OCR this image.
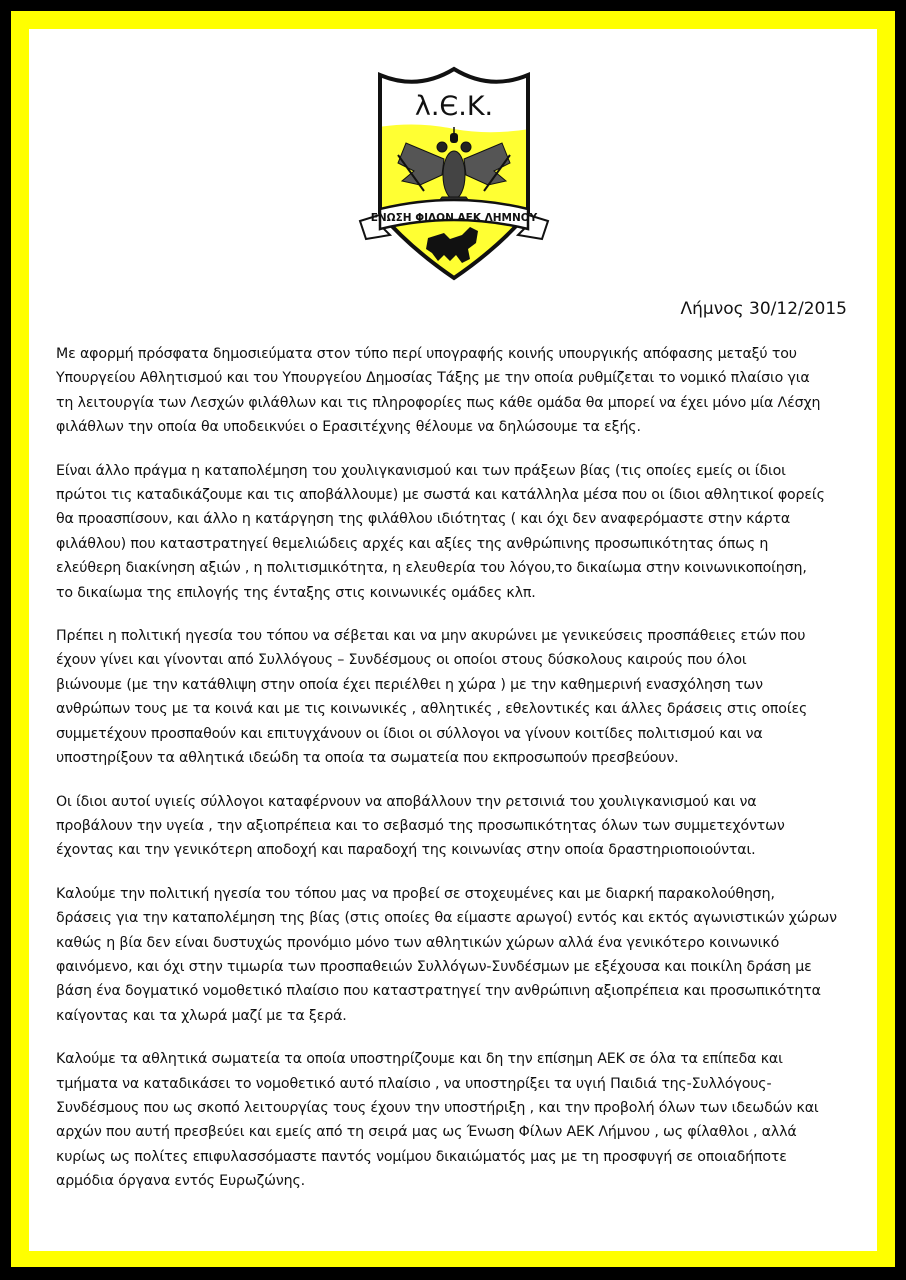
λ.Є.Κ.
ΕΝΩΣΗ ΦΙΛΩΝ ΑΕΚ ΛΗΜΝΟΥ
Λήμνος 30/12/2015

Με αφορμή πρόσφατα δημοσιεύματα στον τύπο περί υπογραφής κοινής υπουργικής απόφασης μεταξύ του
Υπουργείου Αθλητισμού και του Υπουργείου Δημοσίας Τάξης με την οποία ρυθμίζεται το νομικό πλαίσιο για
τη λειτουργία των Λεσχών φιλάθλων και τις πληροφορίες πως κάθε ομάδα θα μπορεί να έχει μόνο μία Λέσχη
φιλάθλων την οποία θα υποδεικνύει ο Ερασιτέχνης θέλουμε να δηλώσουμε τα εξής.

Είναι άλλο πράγμα η καταπολέμηση του χουλιγκανισμού και των πράξεων βίας (τις οποίες εμείς οι ίδιοι
πρώτοι τις καταδικάζουμε και τις αποβάλλουμε) με σωστά και κατάλληλα μέσα που οι ίδιοι αθλητικοί φορείς
θα προασπίσουν, και άλλο η κατάργηση της φιλάθλου ιδιότητας ( και όχι δεν αναφερόμαστε στην κάρτα
φιλάθλου) που καταστρατηγεί θεμελιώδεις αρχές και αξίες της ανθρώπινης προσωπικότητας όπως η
ελεύθερη διακίνηση αξιών , η πολιτισμικότητα, η ελευθερία του λόγου,το δικαίωμα στην κοινωνικοποίηση,
το δικαίωμα της επιλογής της ένταξης στις κοινωνικές ομάδες κλπ.

Πρέπει η πολιτική ηγεσία του τόπου να σέβεται και να μην ακυρώνει με γενικεύσεις προσπάθειες ετών που
έχουν γίνει και γίνονται από Συλλόγους – Συνδέσμους οι οποίοι στους δύσκολους καιρούς που όλοι
βιώνουμε (με την κατάθλιψη στην οποία έχει περιέλθει η χώρα ) με την καθημερινή ενασχόληση των
ανθρώπων τους με τα κοινά και με τις κοινωνικές , αθλητικές , εθελοντικές και άλλες δράσεις στις οποίες
συμμετέχουν προσπαθούν και επιτυγχάνουν οι ίδιοι οι σύλλογοι να γίνουν κοιτίδες πολιτισμού και να
υποστηρίξουν τα αθλητικά ιδεώδη τα οποία τα σωματεία που εκπροσωπούν πρεσβεύουν.

Οι ίδιοι αυτοί υγιείς σύλλογοι καταφέρνουν να αποβάλλουν την ρετσινιά του χουλιγκανισμού και να
προβάλουν την υγεία , την αξιοπρέπεια και το σεβασμό της προσωπικότητας όλων των συμμετεχόντων
έχοντας και την γενικότερη αποδοχή και παραδοχή της κοινωνίας στην οποία δραστηριοποιούνται.

Καλούμε την πολιτική ηγεσία του τόπου μας να προβεί σε στοχευμένες και με διαρκή παρακολούθηση,
δράσεις για την καταπολέμηση της βίας (στις οποίες θα είμαστε αρωγοί) εντός και εκτός αγωνιστικών χώρων
καθώς η βία δεν είναι δυστυχώς προνόμιο μόνο των αθλητικών χώρων αλλά ένα γενικότερο κοινωνικό
φαινόμενο, και όχι στην τιμωρία των προσπαθειών Συλλόγων-Συνδέσμων με εξέχουσα και ποικίλη δράση με
βάση ένα δογματικό νομοθετικό πλαίσιο που καταστρατηγεί την ανθρώπινη αξιοπρέπεια και προσωπικότητα
καίγοντας και τα χλωρά μαζί με τα ξερά.

Καλούμε τα αθλητικά σωματεία τα οποία υποστηρίζουμε και δη την επίσημη ΑΕΚ σε όλα τα επίπεδα και
τμήματα να καταδικάσει το νομοθετικό αυτό πλαίσιο , να υποστηρίξει τα υγιή Παιδιά της-Συλλόγους-
Συνδέσμους που ως σκοπό λειτουργίας τους έχουν την υποστήριξη , και την προβολή όλων των ιδεωδών και
αρχών που αυτή πρεσβεύει και εμείς από τη σειρά μας ως Ένωση Φίλων ΑΕΚ Λήμνου , ως φίλαθλοι , αλλά
κυρίως ως πολίτες επιφυλασσόμαστε παντός νομίμου δικαιώματός μας με τη προσφυγή σε οποιαδήποτε
αρμόδια όργανα εντός Ευρωζώνης.
